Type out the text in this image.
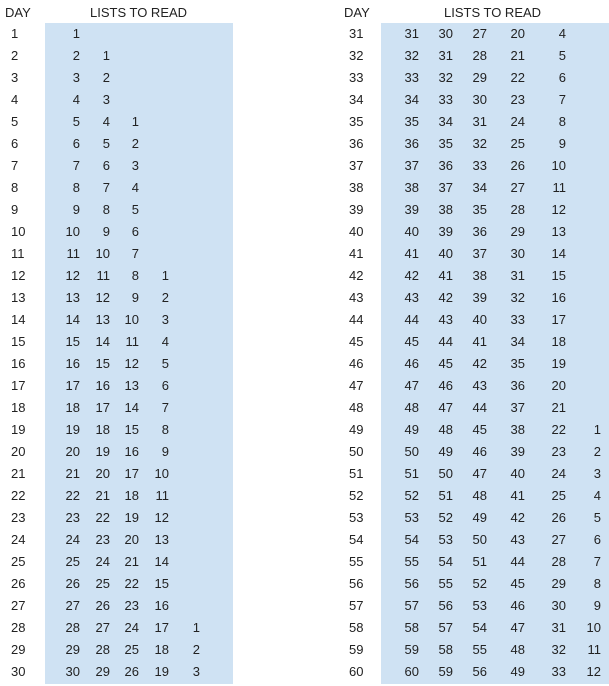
DAY	LISTS TO READ
1	1
2	2	1
3	3	2
4	4	3
5	5	4	1
6	6	5	2
7	7	6	3
8	8	7	4
9	9	8	5
10	10	9	6
11	11	10	7
12	12	11	8	1
13	13	12	9	2
14	14	13	10	3
15	15	14	11	4
16	16	15	12	5
17	17	16	13	6
18	18	17	14	7
19	19	18	15	8
20	20	19	16	9
21	21	20	17	10
22	22	21	18	11
23	23	22	19	12
24	24	23	20	13
25	25	24	21	14
26	26	25	22	15
27	27	26	23	16
28	28	27	24	17	1
29	29	28	25	18	2
30	30	29	26	19	3
DAY	LISTS TO READ
31	31	30	27	20	4
32	32	31	28	21	5
33	33	32	29	22	6
34	34	33	30	23	7
35	35	34	31	24	8
36	36	35	32	25	9
37	37	36	33	26	10
38	38	37	34	27	11
39	39	38	35	28	12
40	40	39	36	29	13
41	41	40	37	30	14
42	42	41	38	31	15
43	43	42	39	32	16
44	44	43	40	33	17
45	45	44	41	34	18
46	46	45	42	35	19
47	47	46	43	36	20
48	48	47	44	37	21
49	49	48	45	38	22	1
50	50	49	46	39	23	2
51	51	50	47	40	24	3
52	52	51	48	41	25	4
53	53	52	49	42	26	5
54	54	53	50	43	27	6
55	55	54	51	44	28	7
56	56	55	52	45	29	8
57	57	56	53	46	30	9
58	58	57	54	47	31	10
59	59	58	55	48	32	11
60	60	59	56	49	33	12
